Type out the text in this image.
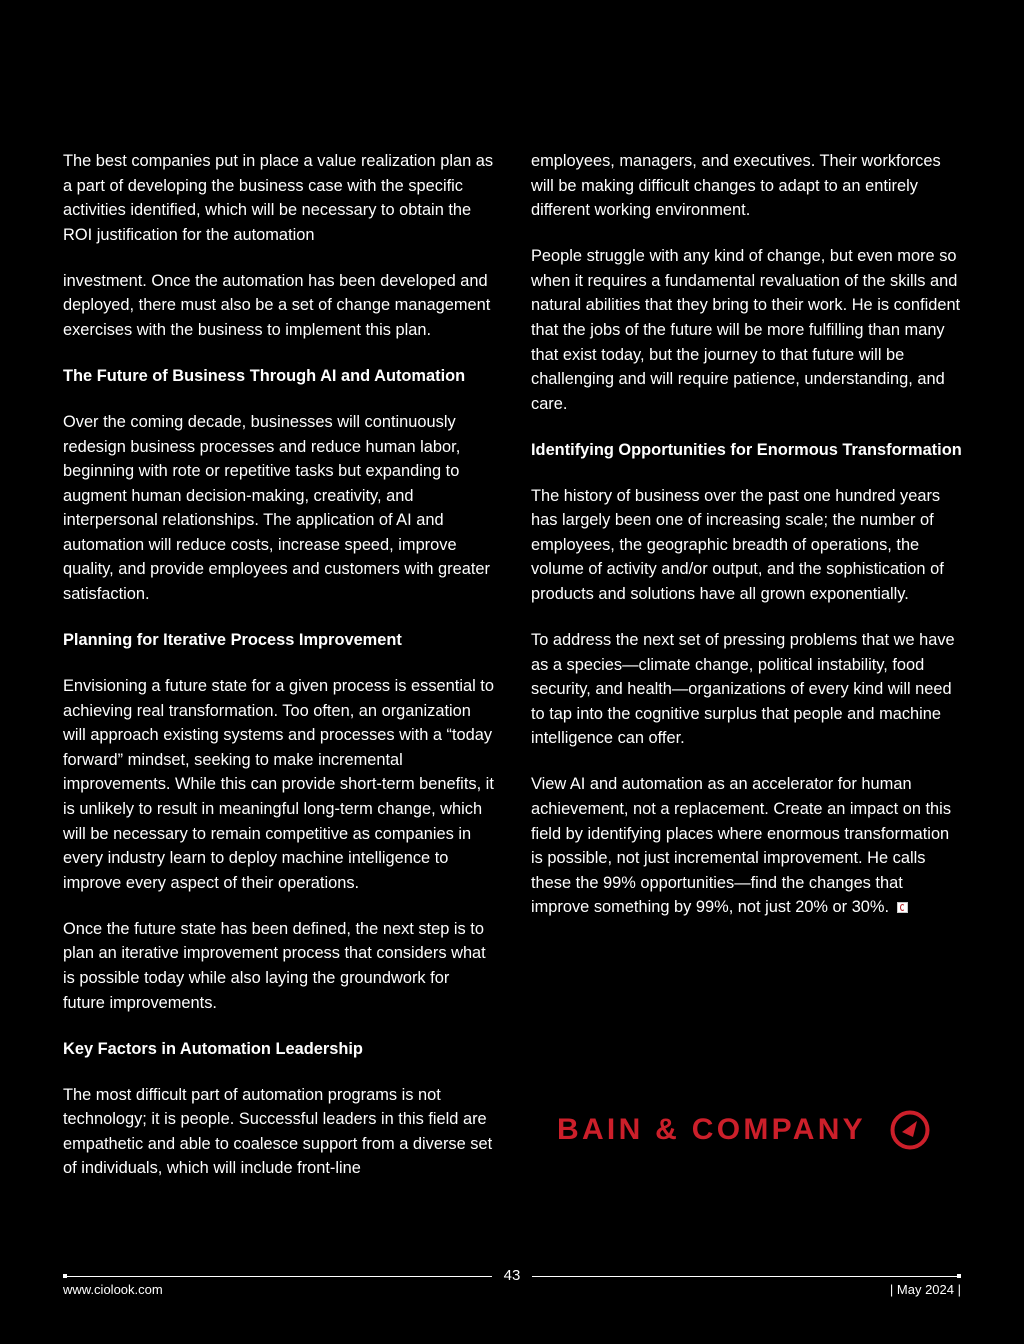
The best companies put in place a value realization plan as a part of developing the business case with the specific activities identified, which will be necessary to obtain the ROI justification for the automation

investment. Once the automation has been developed and deployed, there must also be a set of change management exercises with the business to implement this plan.

The Future of Business Through AI and Automation

Over the coming decade, businesses will continuously redesign business processes and reduce human labor, beginning with rote or repetitive tasks but expanding to augment human decision-making, creativity, and interpersonal relationships. The application of AI and automation will reduce costs, increase speed, improve quality, and provide employees and customers with greater satisfaction.

Planning for Iterative Process Improvement

Envisioning a future state for a given process is essential to achieving real transformation. Too often, an organization will approach existing systems and processes with a “today forward” mindset, seeking to make incremental improvements. While this can provide short-term benefits, it is unlikely to result in meaningful long-term change, which will be necessary to remain competitive as companies in every industry learn to deploy machine intelligence to improve every aspect of their operations.

Once the future state has been defined, the next step is to plan an iterative improvement process that considers what is possible today while also laying the groundwork for future improvements.

Key Factors in Automation Leadership

The most difficult part of automation programs is not technology; it is people. Successful leaders in this field are empathetic and able to coalesce support from a diverse set of individuals, which will include front-line

employees, managers, and executives. Their workforces will be making difficult changes to adapt to an entirely different working environment.

People struggle with any kind of change, but even more so when it requires a fundamental revaluation of the skills and natural abilities that they bring to their work. He is confident that the jobs of the future will be more fulfilling than many that exist today, but the journey to that future will be challenging and will require patience, understanding, and care.

Identifying Opportunities for Enormous Transformation

The history of business over the past one hundred years has largely been one of increasing scale; the number of employees, the geographic breadth of operations, the volume of activity and/or output, and the sophistication of products and solutions have all grown exponentially.

To address the next set of pressing problems that we have as a species—climate change, political instability, food security, and health—organizations of every kind will need to tap into the cognitive surplus that people and machine intelligence can offer.

View AI and automation as an accelerator for human achievement, not a replacement. Create an impact on this field by identifying places where enormous transformation is possible, not just incremental improvement. He calls these the 99% opportunities—find the changes that improve something by 99%, not just 20% or 30%.

BAIN & COMPANY
43
www.ciolook.com	| May 2024 |
